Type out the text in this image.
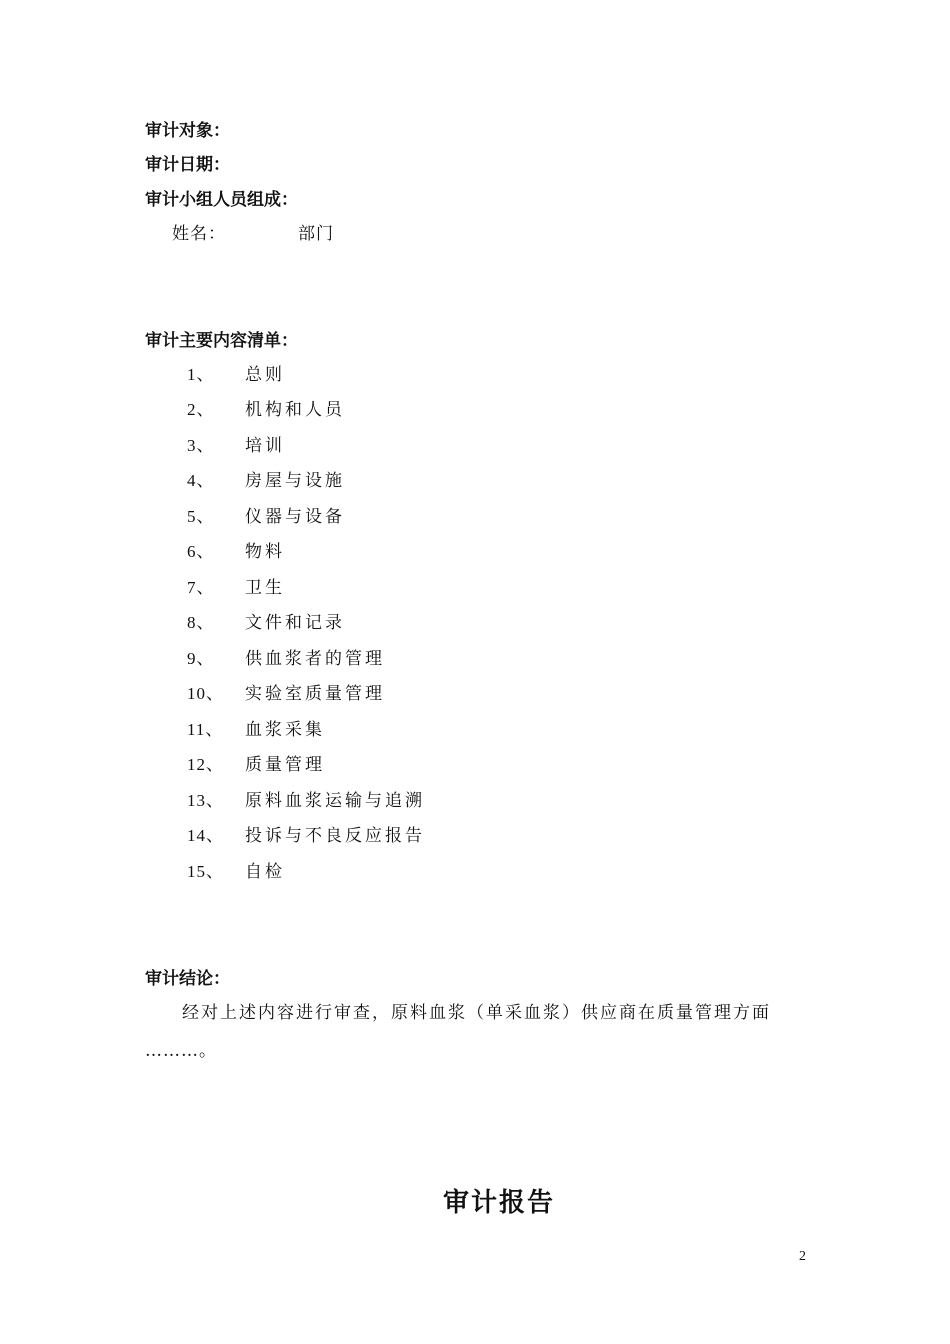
审计对象：
审计日期：
审计小组人员组成：
姓名：	部门
审计主要内容清单：
1、 总则
2、 机构和人员
3、 培训
4、 房屋与设施
5、 仪器与设备
6、 物料
7、 卫生
8、 文件和记录
9、 供血浆者的管理
10、 实验室质量管理
11、 血浆采集
12、 质量管理
13、 原料血浆运输与追溯
14、 投诉与不良反应报告
15、 自检
审计结论：
经对上述内容进行审查，原料血浆（单采血浆）供应商在质量管理方面
………。
审计报告
2
